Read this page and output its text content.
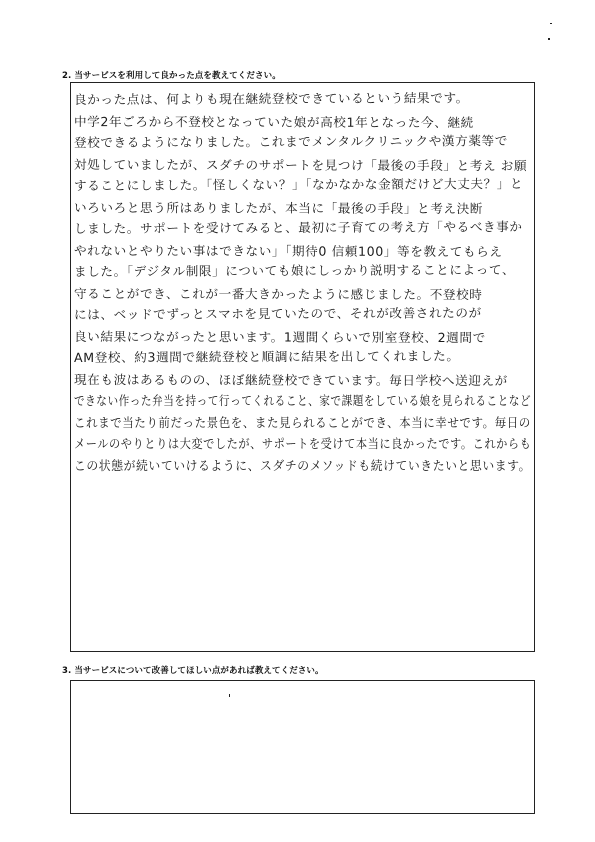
2. 当サービスを利用して良かった点を教えてください。
良かった点は、何よりも現在継続登校できているという結果です。
中学2年ごろから不登校となっていた娘が高校1年となった今、継続
登校できるようになりました。これまでメンタルクリニックや漢方薬等で
対処していましたが、スダチのサポートを見つけ「最後の手段」と考え お願
することにしました。「怪しくない？」「なかなかな金額だけど大丈夫？」と
いろいろと思う所はありましたが、本当に「最後の手段」と考え決断
しました。サポートを受けてみると、最初に子育ての考え方「やるべき事か
やれないとやりたい事はできない」「期待0 信頼100」等を教えてもらえ
ました。「デジタル制限」についても娘にしっかり説明することによって、
守ることができ、これが一番大きかったように感じました。不登校時
には、ベッドでずっとスマホを見ていたので、それが改善されたのが
良い結果につながったと思います。1週間くらいで別室登校、2週間で
AM登校、約3週間で継続登校と順調に結果を出してくれました。
現在も波はあるものの、ほぼ継続登校できています。毎日学校へ送迎えが
できない作った弁当を持って行ってくれること、家で課題をしている娘を見られることなど
これまで当たり前だった景色を、また見られることができ、本当に幸せです。毎日の
メールのやりとりは大変でしたが、サポートを受けて本当に良かったです。これからも
この状態が続いていけるように、スダチのメソッドも続けていきたいと思います。
3. 当サービスについて改善してほしい点があれば教えてください。
